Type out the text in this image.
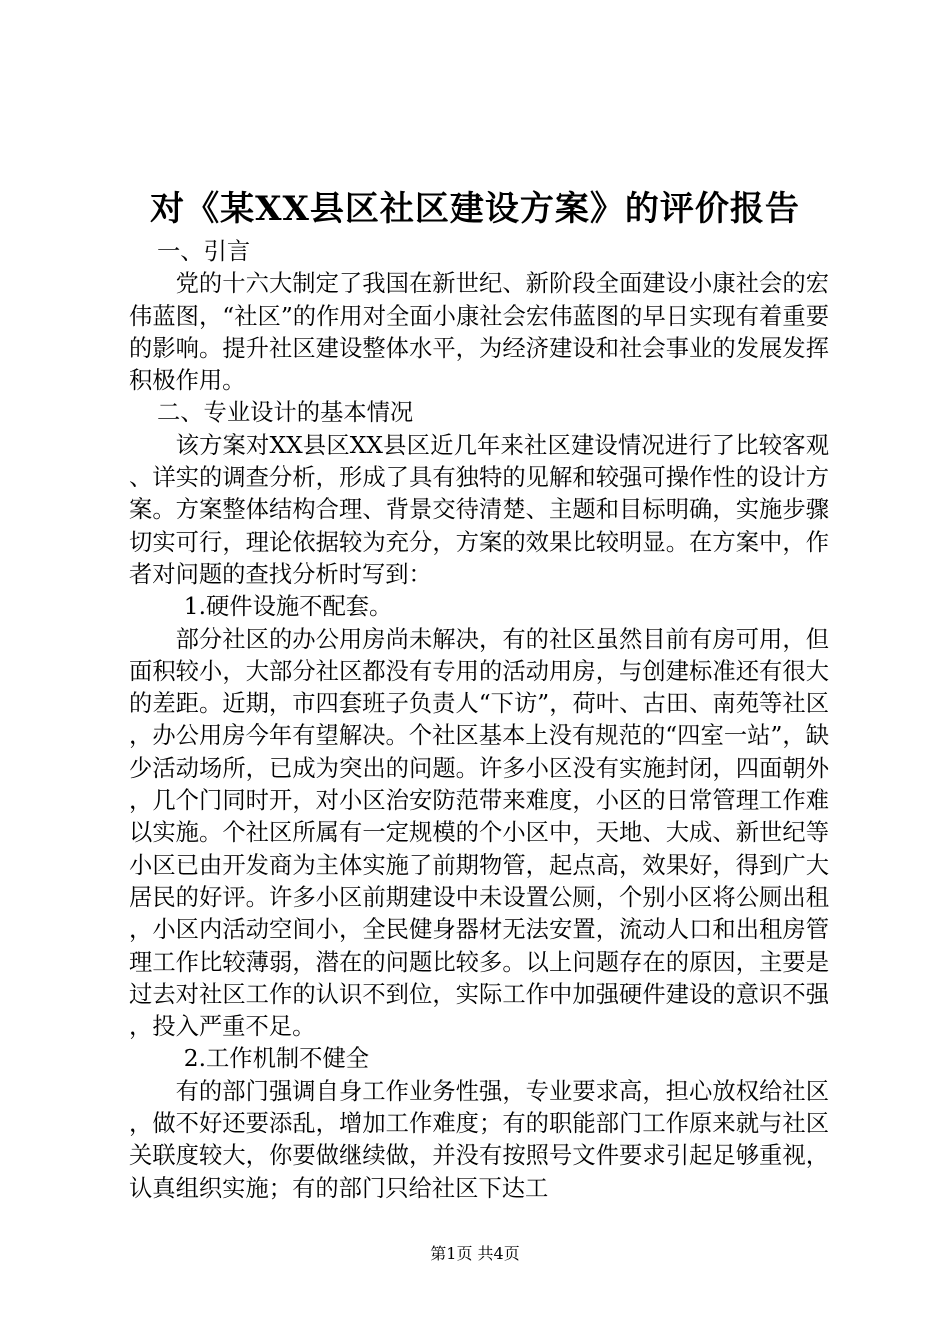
对《某XX县区社区建设方案》的评价报告

一、引言

党的十六大制定了我国在新世纪、新阶段全面建设小康社会的宏伟蓝图，“社区”的作用对全面小康社会宏伟蓝图的早日实现有着重要的影响。提升社区建设整体水平，为经济建设和社会事业的发展发挥积极作用。

二、专业设计的基本情况

该方案对XX县区XX县区近几年来社区建设情况进行了比较客观、详实的调查分析，形成了具有独特的见解和较强可操作性的设计方案。方案整体结构合理、背景交待清楚、主题和目标明确，实施步骤切实可行，理论依据较为充分，方案的效果比较明显。在方案中，作者对问题的查找分析时写到：

1.硬件设施不配套。

部分社区的办公用房尚未解决，有的社区虽然目前有房可用，但面积较小，大部分社区都没有专用的活动用房，与创建标准还有很大的差距。近期，市四套班子负责人“下访”，荷叶、古田、南苑等社区，办公用房今年有望解决。个社区基本上没有规范的“四室一站”，缺少活动场所，已成为突出的问题。许多小区没有实施封闭，四面朝外，几个门同时开，对小区治安防范带来难度，小区的日常管理工作难以实施。个社区所属有一定规模的个小区中，天地、大成、新世纪等小区已由开发商为主体实施了前期物管，起点高，效果好，得到广大居民的好评。许多小区前期建设中未设置公厕，个别小区将公厕出租，小区内活动空间小，全民健身器材无法安置，流动人口和出租房管理工作比较薄弱，潜在的问题比较多。以上问题存在的原因，主要是过去对社区工作的认识不到位，实际工作中加强硬件建设的意识不强，投入严重不足。

2.工作机制不健全

有的部门强调自身工作业务性强，专业要求高，担心放权给社区，做不好还要添乱，增加工作难度；有的职能部门工作原来就与社区关联度较大，你要做继续做，并没有按照号文件要求引起足够重视，认真组织实施；有的部门只给社区下达工

第1页 共4页
